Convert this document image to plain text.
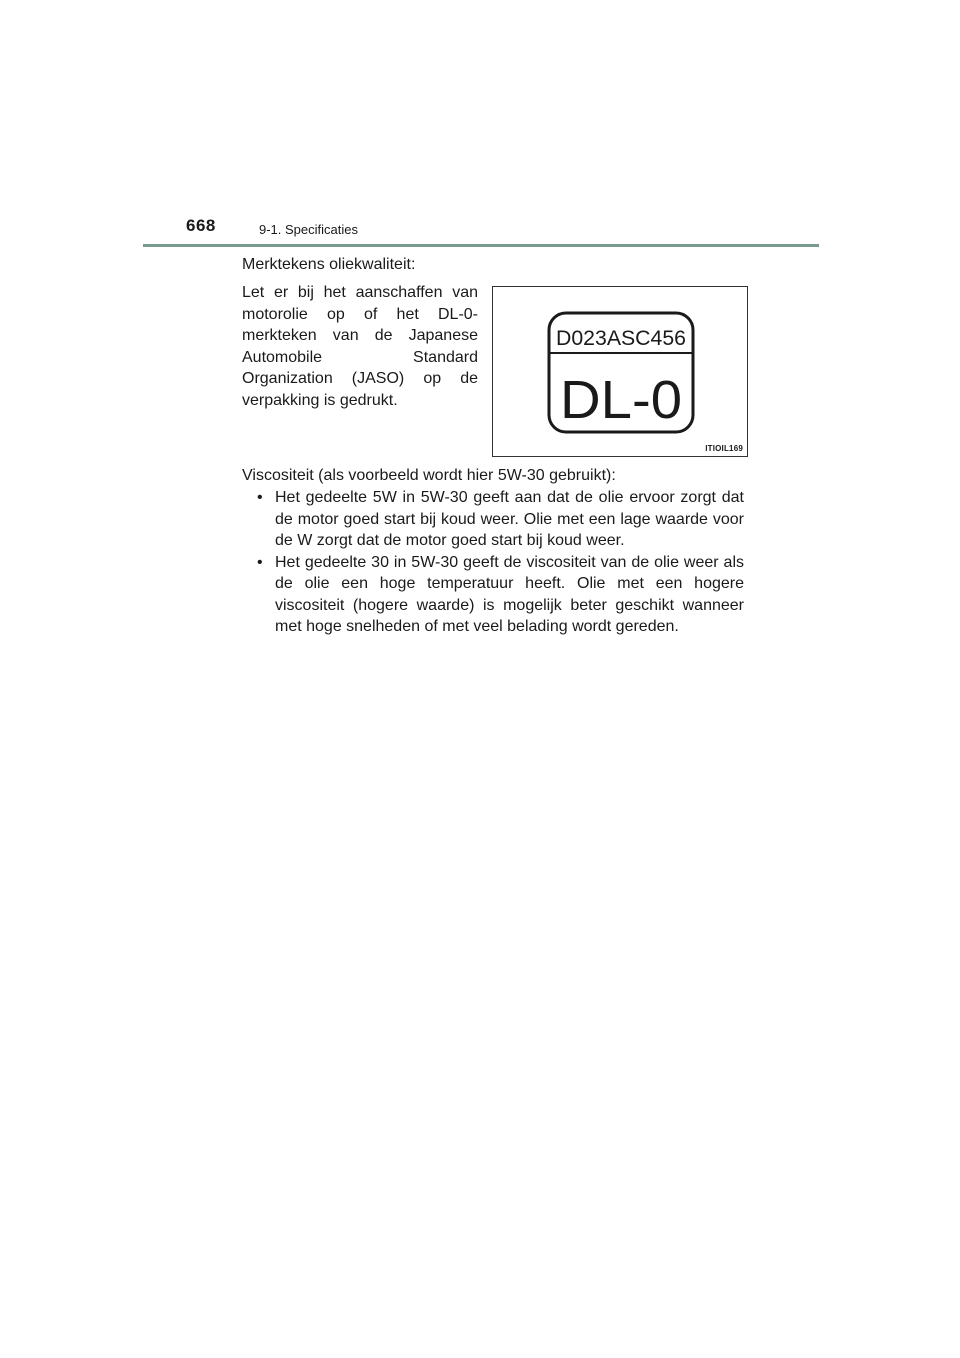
668	9-1. Specificaties
Merktekens oliekwaliteit:
Let er bij het aanschaffen van motorolie op of het DL-0-merkteken van de Japanese Automobile Standard Organization (JASO) op de verpakking is gedrukt.
D023ASC456
DL-0
ITIOIL169
Viscositeit (als voorbeeld wordt hier 5W-30 gebruikt):
• Het gedeelte 5W in 5W-30 geeft aan dat de olie ervoor zorgt dat de motor goed start bij koud weer. Olie met een lage waarde voor de W zorgt dat de motor goed start bij koud weer.
• Het gedeelte 30 in 5W-30 geeft de viscositeit van de olie weer als de olie een hoge temperatuur heeft. Olie met een hogere viscositeit (hogere waarde) is mogelijk beter geschikt wanneer met hoge snelheden of met veel belading wordt gereden.
